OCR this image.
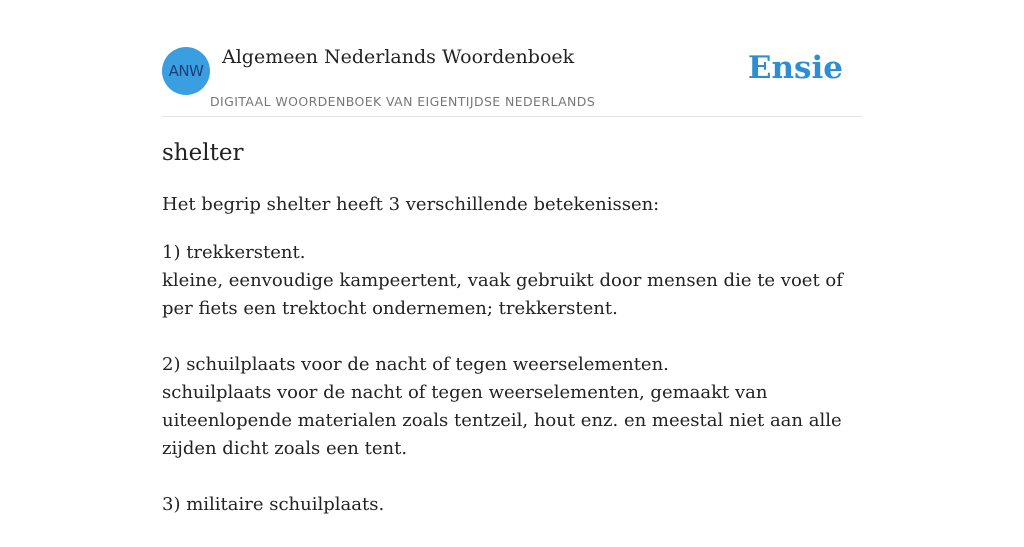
ANW
Algemeen Nederlands Woordenboek
DIGITAAL WOORDENBOEK VAN EIGENTIJDSE NEDERLANDS
Ensie
shelter
Het begrip shelter heeft 3 verschillende betekenissen:

1) trekkerstent.

kleine, eenvoudige kampeertent, vaak gebruikt door mensen die te voet of per fiets een trektocht ondernemen; trekkerstent.

2) schuilplaats voor de nacht of tegen weerselementen.

schuilplaats voor de nacht of tegen weerselementen, gemaakt van uiteenlopende materialen zoals tentzeil, hout enz. en meestal niet aan alle zijden dicht zoals een tent.

3) militaire schuilplaats.
